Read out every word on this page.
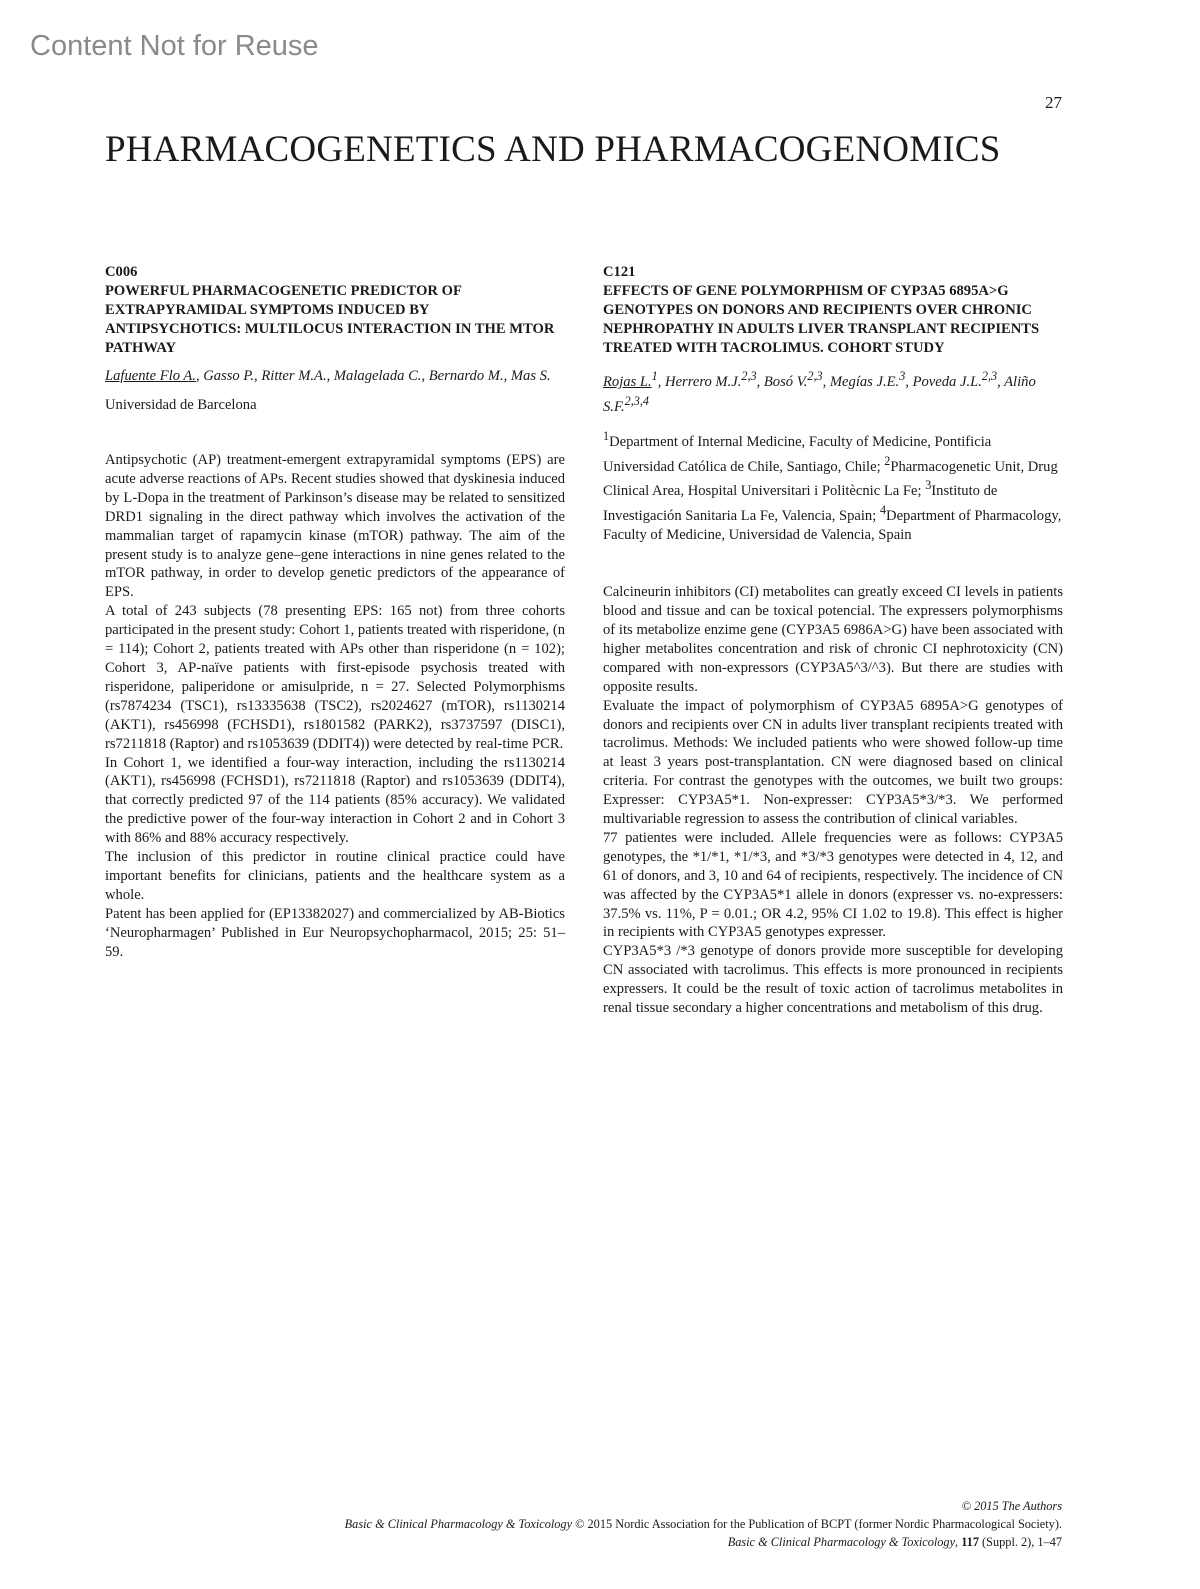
Content Not for Reuse
27
PHARMACOGENETICS AND PHARMACOGENOMICS
C006
POWERFUL PHARMACOGENETIC PREDICTOR OF EXTRAPYRAMIDAL SYMPTOMS INDUCED BY ANTIPSYCHOTICS: MULTILOCUS INTERACTION IN THE MTOR PATHWAY
Lafuente Flo A., Gasso P., Ritter M.A., Malagelada C., Bernardo M., Mas S.
Universidad de Barcelona

Antipsychotic (AP) treatment-emergent extrapyramidal symptoms (EPS) are acute adverse reactions of APs. Recent studies showed that dyskinesia induced by L-Dopa in the treatment of Parkinson’s disease may be related to sensitized DRD1 signaling in the direct pathway which involves the activation of the mammalian target of rapamycin kinase (mTOR) pathway. The aim of the present study is to analyze gene–gene interactions in nine genes related to the mTOR pathway, in order to develop genetic predictors of the appearance of EPS.

A total of 243 subjects (78 presenting EPS: 165 not) from three cohorts participated in the present study: Cohort 1, patients treated with risperidone, (n = 114); Cohort 2, patients treated with APs other than risperidone (n = 102); Cohort 3, AP-naïve patients with first-episode psychosis treated with risperidone, paliperidone or amisulpride, n = 27. Selected Polymorphisms (rs7874234 (TSC1), rs13335638 (TSC2), rs2024627 (mTOR), rs1130214 (AKT1), rs456998 (FCHSD1), rs1801582 (PARK2), rs3737597 (DISC1), rs7211818 (Raptor) and rs1053639 (DDIT4)) were detected by real-time PCR.

In Cohort 1, we identified a four-way interaction, including the rs1130214 (AKT1), rs456998 (FCHSD1), rs7211818 (Raptor) and rs1053639 (DDIT4), that correctly predicted 97 of the 114 patients (85% accuracy). We validated the predictive power of the four-way interaction in Cohort 2 and in Cohort 3 with 86% and 88% accuracy respectively.

The inclusion of this predictor in routine clinical practice could have important benefits for clinicians, patients and the healthcare system as a whole.

Patent has been applied for (EP13382027) and commercialized by AB-Biotics ‘Neuropharmagen’ Published in Eur Neuropsychopharmacol, 2015; 25: 51–59.

C121
EFFECTS OF GENE POLYMORPHISM OF CYP3A5 6895A>G GENOTYPES ON DONORS AND RECIPIENTS OVER CHRONIC NEPHROPATHY IN ADULTS LIVER TRANSPLANT RECIPIENTS TREATED WITH TACROLIMUS. COHORT STUDY
Rojas L.$^1$, Herrero M.J.$^{2,3}$, Bosó V.$^{2,3}$, Megías J.E.$^3$, Poveda J.L.$^{2,3}$, Aliño S.F.$^{2,3,4}$
$^1$Department of Internal Medicine, Faculty of Medicine, Pontificia Universidad Católica de Chile, Santiago, Chile; $^2$Pharmacogenetic Unit, Drug Clinical Area, Hospital Universitari i Politècnic La Fe; $^3$Instituto de Investigación Sanitaria La Fe, Valencia, Spain; $^4$Department of Pharmacology, Faculty of Medicine, Universidad de Valencia, Spain

Calcineurin inhibitors (CI) metabolites can greatly exceed CI levels in patients blood and tissue and can be toxical potencial. The expressers polymorphisms of its metabolize enzime gene (CYP3A5 6986A>G) have been associated with higher metabolites concentration and risk of chronic CI nephrotoxicity (CN) compared with non-expressors (CYP3A5^3/^3). But there are studies with opposite results.

Evaluate the impact of polymorphism of CYP3A5 6895A>G genotypes of donors and recipients over CN in adults liver transplant recipients treated with tacrolimus. Methods: We included patients who were showed follow-up time at least 3 years post-transplantation. CN were diagnosed based on clinical criteria. For contrast the genotypes with the outcomes, we built two groups: Expresser: CYP3A5*1. Non-expresser: CYP3A5*3/*3. We performed multivariable regression to assess the contribution of clinical variables.

77 patientes were included. Allele frequencies were as follows: CYP3A5 genotypes, the *1/*1, *1/*3, and *3/*3 genotypes were detected in 4, 12, and 61 of donors, and 3, 10 and 64 of recipients, respectively. The incidence of CN was affected by the CYP3A5*1 allele in donors (expresser vs. no-expressers: 37.5% vs. 11%, P = 0.01.; OR 4.2, 95% CI 1.02 to 19.8). This effect is higher in recipients with CYP3A5 genotypes expresser.

CYP3A5*3 /*3 genotype of donors provide more susceptible for developing CN associated with tacrolimus. This effects is more pronounced in recipients expressers. It could be the result of toxic action of tacrolimus metabolites in renal tissue secondary a higher concentrations and metabolism of this drug.

© 2015 The Authors
Basic & Clinical Pharmacology & Toxicology © 2015 Nordic Association for the Publication of BCPT (former Nordic Pharmacological Society).
Basic & Clinical Pharmacology & Toxicology, 117 (Suppl. 2), 1–47
